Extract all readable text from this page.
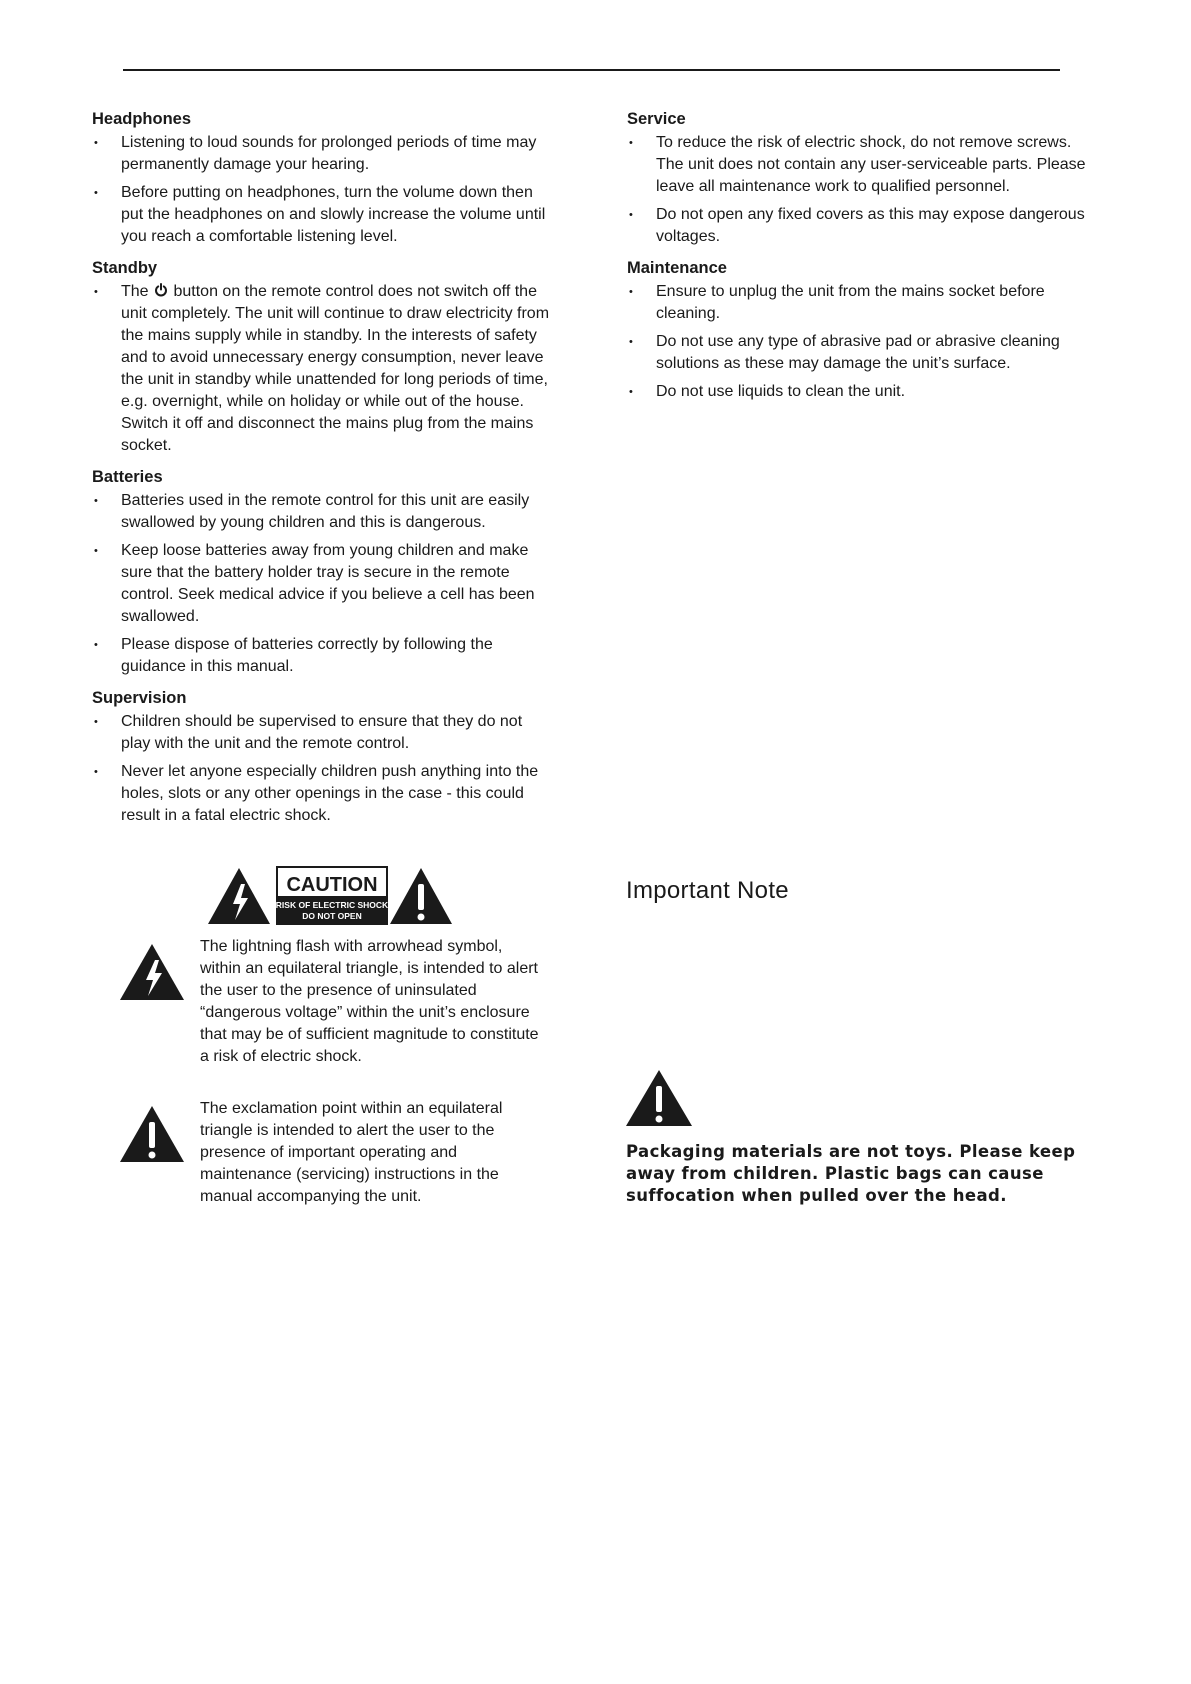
Headphones
• Listening to loud sounds for prolonged periods of time may permanently damage your hearing.
• Before putting on headphones, turn the volume down then put the headphones on and slowly increase the volume until you reach a comfortable listening level.
Standby
• The button on the remote control does not switch off the unit completely. The unit will continue to draw electricity from the mains supply while in standby. In the interests of safety and to avoid unnecessary energy consumption, never leave the unit in standby while unattended for long periods of time, e.g. overnight, while on holiday or while out of the house. Switch it off and disconnect the mains plug from the mains socket.
Batteries
• Batteries used in the remote control for this unit are easily swallowed by young children and this is dangerous.
• Keep loose batteries away from young children and make sure that the battery holder tray is secure in the remote control. Seek medical advice if you believe a cell has been swallowed.
• Please dispose of batteries correctly by following the guidance in this manual.
Supervision
• Children should be supervised to ensure that they do not play with the unit and the remote control.
• Never let anyone especially children push anything into the holes, slots or any other openings in the case - this could result in a fatal electric shock.
CAUTION
RISK OF ELECTRIC SHOCK
DO NOT OPEN
The lightning flash with arrowhead symbol, within an equilateral triangle, is intended to alert the user to the presence of uninsulated “dangerous voltage” within the unit’s enclosure that may be of sufficient magnitude to constitute a risk of electric shock.
The exclamation point within an equilateral triangle is intended to alert the user to the presence of important operating and maintenance (servicing) instructions in the manual accompanying the unit.
Service
• To reduce the risk of electric shock, do not remove screws. The unit does not contain any user-serviceable parts. Please leave all maintenance work to qualified personnel.
• Do not open any fixed covers as this may expose dangerous voltages.
Maintenance
• Ensure to unplug the unit from the mains socket before cleaning.
• Do not use any type of abrasive pad or abrasive cleaning solutions as these may damage the unit’s surface.
• Do not use liquids to clean the unit.
Important Note
Packaging materials are not toys. Please keep away from children. Plastic bags can cause suffocation when pulled over the head.
